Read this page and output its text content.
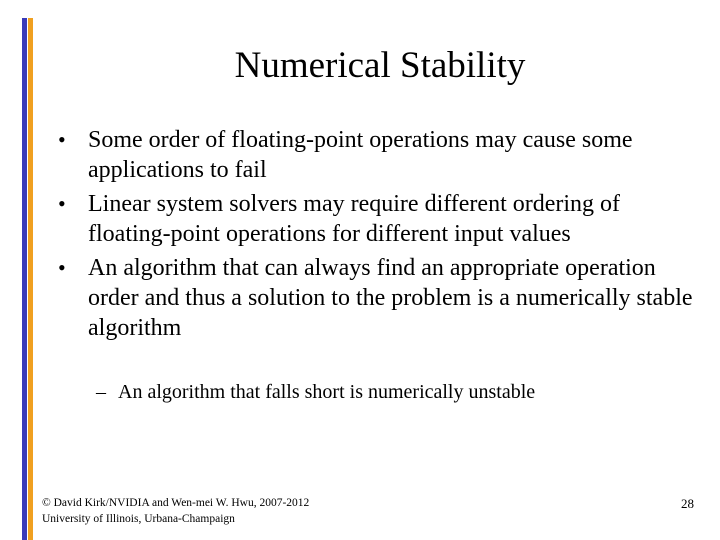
Numerical Stability
• Some order of floating-point operations may cause some applications to fail
• Linear system solvers may require different ordering of floating-point operations for different input values
• An algorithm that can always find an appropriate operation order and thus a solution to the problem is a numerically stable algorithm
– An algorithm that falls short is numerically unstable
© David Kirk/NVIDIA and Wen-mei W. Hwu, 2007-2012
University of Illinois, Urbana-Champaign
28
